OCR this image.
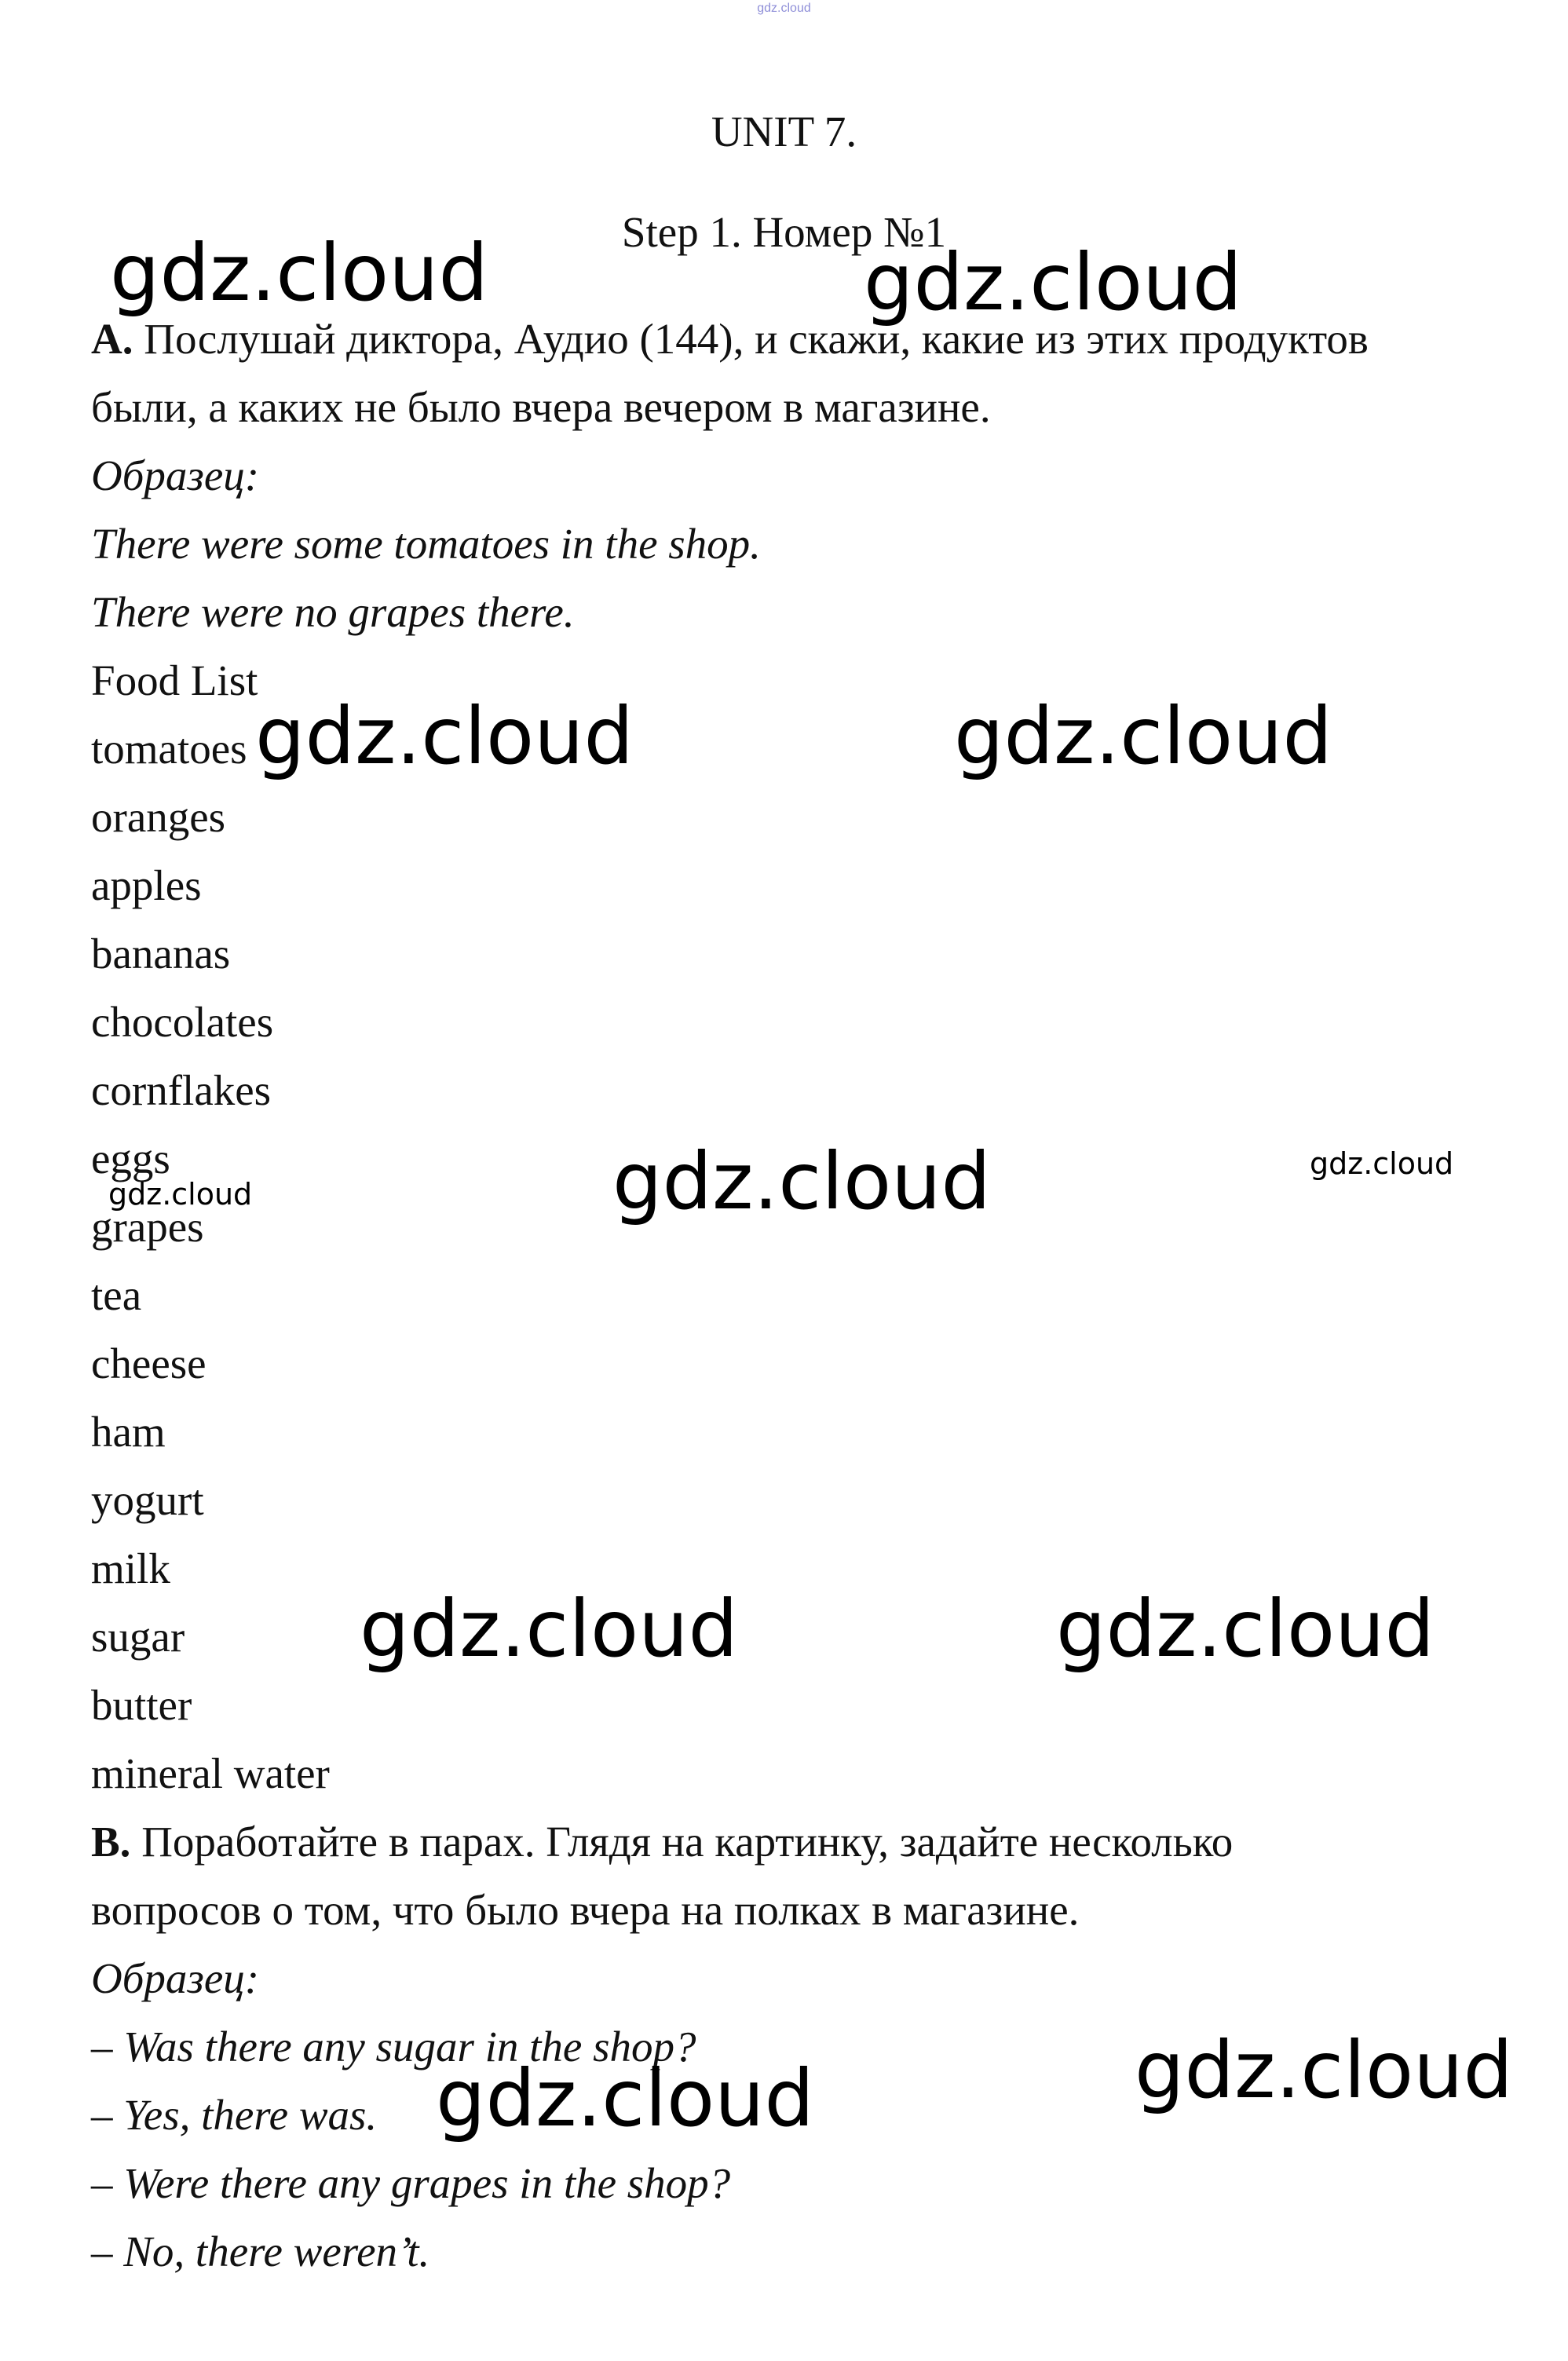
gdz.cloud
UNIT 7.
Step 1. Номер №1
A. Послушай диктора, Аудио (144), и скажи, какие из этих продуктов
были, а каких не было вчера вечером в магазине.
Образец:
There were some tomatoes in the shop.
There were no grapes there.
Food List
tomatoes
oranges
apples
bananas
chocolates
cornflakes
eggs
grapes
tea
cheese
ham
yogurt
milk
sugar
butter
mineral water
B. Поработайте в парах. Глядя на картинку, задайте несколько
вопросов о том, что было вчера на полках в магазине.
Образец:
– Was there any sugar in the shop?
– Yes, there was.
– Were there any grapes in the shop?
– No, there weren’t.
gdz.cloud	gdz.cloud
gdz.cloud	gdz.cloud
gdz.cloud	gdz.cloud
gdz.cloud
gdz.cloud	gdz.cloud
gdz.cloud
gdz.cloud
